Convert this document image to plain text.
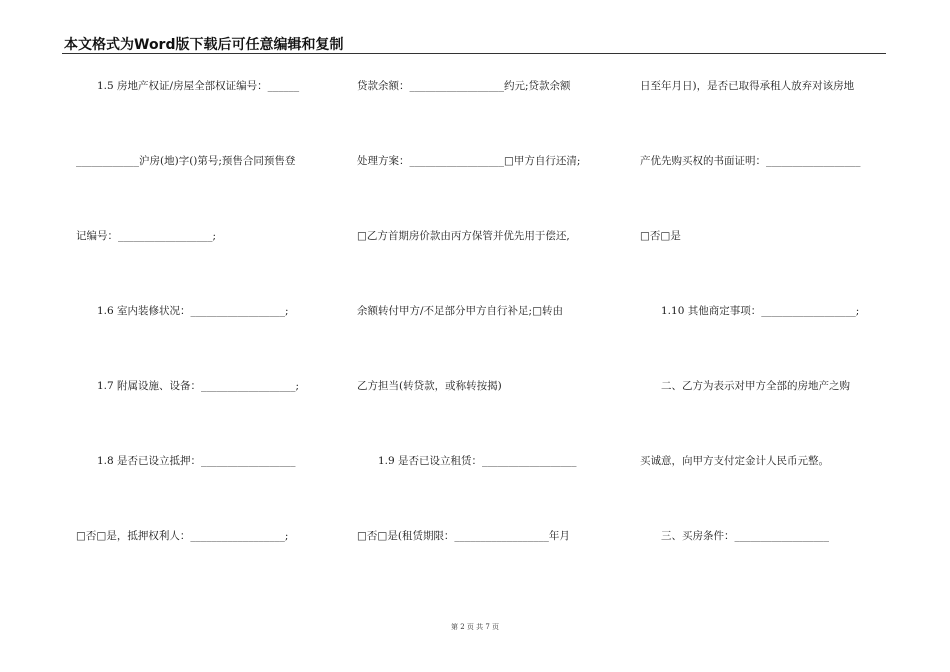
本文格式为Word版下载后可任意编辑和复制
　　1.5 房地产权证/房屋全部权证编号：______
____________沪房(地)字()第号;预售合同预售登
记编号：__________________;
　　1.6 室内装修状况：__________________;
　　1.7 附属设施、设备：__________________;
　　1.8 是否已设立抵押：__________________
□否□是，抵押权利人：__________________;
贷款余额：__________________约元;贷款余额
处理方案：__________________□甲方自行还清;
□乙方首期房价款由丙方保管并优先用于偿还,
余额转付甲方/不足部分甲方自行补足;□转由
乙方担当(转贷款，或称转按揭)
　　1.9 是否已设立租赁：__________________
□否□是(租赁期限：__________________年月
日至年月日)，是否已取得承租人放弃对该房地
产优先购买权的书面证明：__________________
□否□是
　　1.10 其他商定事项：__________________;
　　二、乙方为表示对甲方全部的房地产之购
买诚意，向甲方支付定金计人民币元整。
　　三、买房条件：__________________
第 2 页 共 7 页
